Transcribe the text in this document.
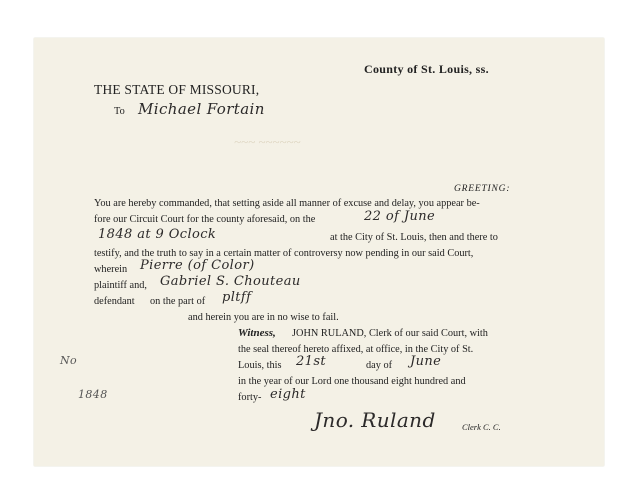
~~~ ~~~~~~
County of St. Louis, ss.
THE STATE OF MISSOURI,
To Michael Fortain
GREETING:
You are hereby commanded, that setting aside all manner of excuse and delay, you appear be-
fore our Circuit Court for the county aforesaid, on the	22 of June
1848 at 9 Oclock	at the City of St. Louis, then and there to
testify, and the truth to say in a certain matter of controversy now pending in our said Court,
wherein Pierre (of Color)
plaintiff and, Gabriel S. Chouteau
defendant on the part of pltff
and herein you are in no wise to fail.
Witness, JOHN RULAND, Clerk of our said Court, with
the seal thereof hereto affixed, at office, in the City of St.
Louis, this 21st	day of June
in the year of our Lord one thousand eight hundred and
forty- eight
Jno. Ruland	Clerk C. C.
No
1848
